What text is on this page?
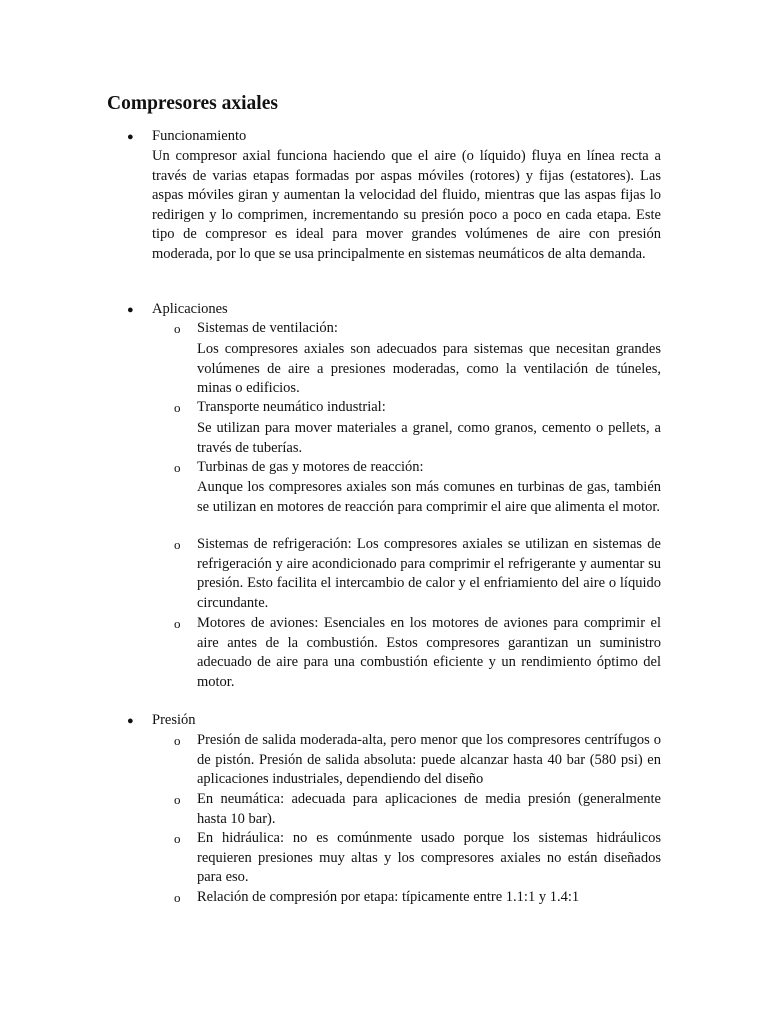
Compresores axiales
● Funcionamiento
Un compresor axial funciona haciendo que el aire (o líquido) fluya en línea recta a través de varias etapas formadas por aspas móviles (rotores) y fijas (estatores). Las aspas móviles giran y aumentan la velocidad del fluido, mientras que las aspas fijas lo redirigen y lo comprimen, incrementando su presión poco a poco en cada etapa. Este tipo de compresor es ideal para mover grandes volúmenes de aire con presión moderada, por lo que se usa principalmente en sistemas neumáticos de alta demanda.
● Aplicaciones
o Sistemas de ventilación:
Los compresores axiales son adecuados para sistemas que necesitan grandes volúmenes de aire a presiones moderadas, como la ventilación de túneles, minas o edificios.
o Transporte neumático industrial:
Se utilizan para mover materiales a granel, como granos, cemento o pellets, a través de tuberías.
o Turbinas de gas y motores de reacción:
Aunque los compresores axiales son más comunes en turbinas de gas, también se utilizan en motores de reacción para comprimir el aire que alimenta el motor.
o Sistemas de refrigeración: Los compresores axiales se utilizan en sistemas de refrigeración y aire acondicionado para comprimir el refrigerante y aumentar su presión. Esto facilita el intercambio de calor y el enfriamiento del aire o líquido circundante.
o Motores de aviones: Esenciales en los motores de aviones para comprimir el aire antes de la combustión. Estos compresores garantizan un suministro adecuado de aire para una combustión eficiente y un rendimiento óptimo del motor.
● Presión
o Presión de salida moderada-alta, pero menor que los compresores centrífugos o de pistón. Presión de salida absoluta: puede alcanzar hasta 40 bar (580 psi) en aplicaciones industriales, dependiendo del diseño
o En neumática: adecuada para aplicaciones de media presión (generalmente hasta 10 bar).
o En hidráulica: no es comúnmente usado porque los sistemas hidráulicos requieren presiones muy altas y los compresores axiales no están diseñados para eso.
o Relación de compresión por etapa: típicamente entre 1.1:1 y 1.4:1
